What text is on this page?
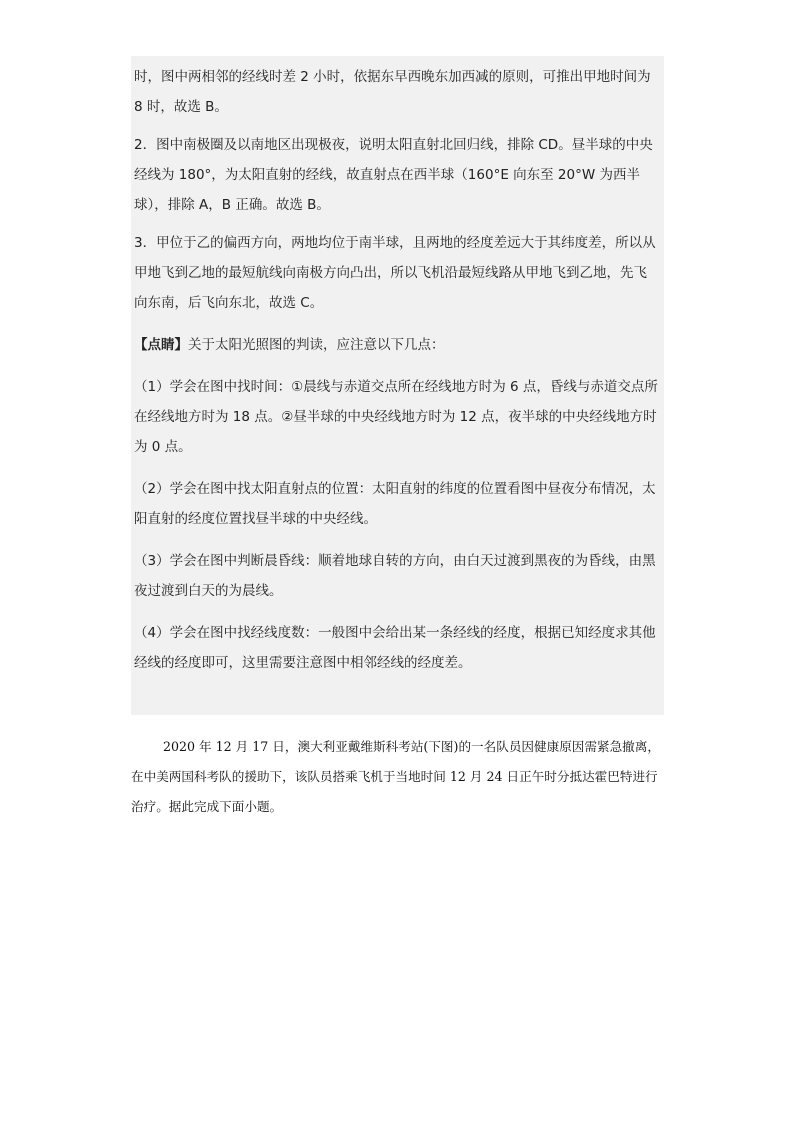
时，图中两相邻的经线时差 2 小时，依据东早西晚东加西减的原则，可推出甲地时间为 8 时，故选 B。

2．图中南极圈及以南地区出现极夜，说明太阳直射北回归线，排除 CD。昼半球的中央经线为 180°，为太阳直射的经线，故直射点在西半球（160°E 向东至 20°W 为西半球），排除 A，B 正确。故选 B。

3．甲位于乙的偏西方向，两地均位于南半球，且两地的经度差远大于其纬度差，所以从甲地飞到乙地的最短航线向南极方向凸出，所以飞机沿最短线路从甲地飞到乙地，先飞向东南，后飞向东北，故选 C。

【点睛】关于太阳光照图的判读，应注意以下几点：

（1）学会在图中找时间：①晨线与赤道交点所在经线地方时为 6 点，昏线与赤道交点所在经线地方时为 18 点。②昼半球的中央经线地方时为 12 点，夜半球的中央经线地方时为 0 点。

（2）学会在图中找太阳直射点的位置：太阳直射的纬度的位置看图中昼夜分布情况，太阳直射的经度位置找昼半球的中央经线。

（3）学会在图中判断晨昏线：顺着地球自转的方向，由白天过渡到黑夜的为昏线，由黑夜过渡到白天的为晨线。

（4）学会在图中找经线度数：一般图中会给出某一条经线的经度，根据已知经度求其他经线的经度即可，这里需要注意图中相邻经线的经度差。

2020 年 12 月 17 日，澳大利亚戴维斯科考站(下图)的一名队员因健康原因需紧急撤离，在中美两国科考队的援助下，该队员搭乘飞机于当地时间 12 月 24 日正午时分抵达霍巴特进行治疗。据此完成下面小题。
